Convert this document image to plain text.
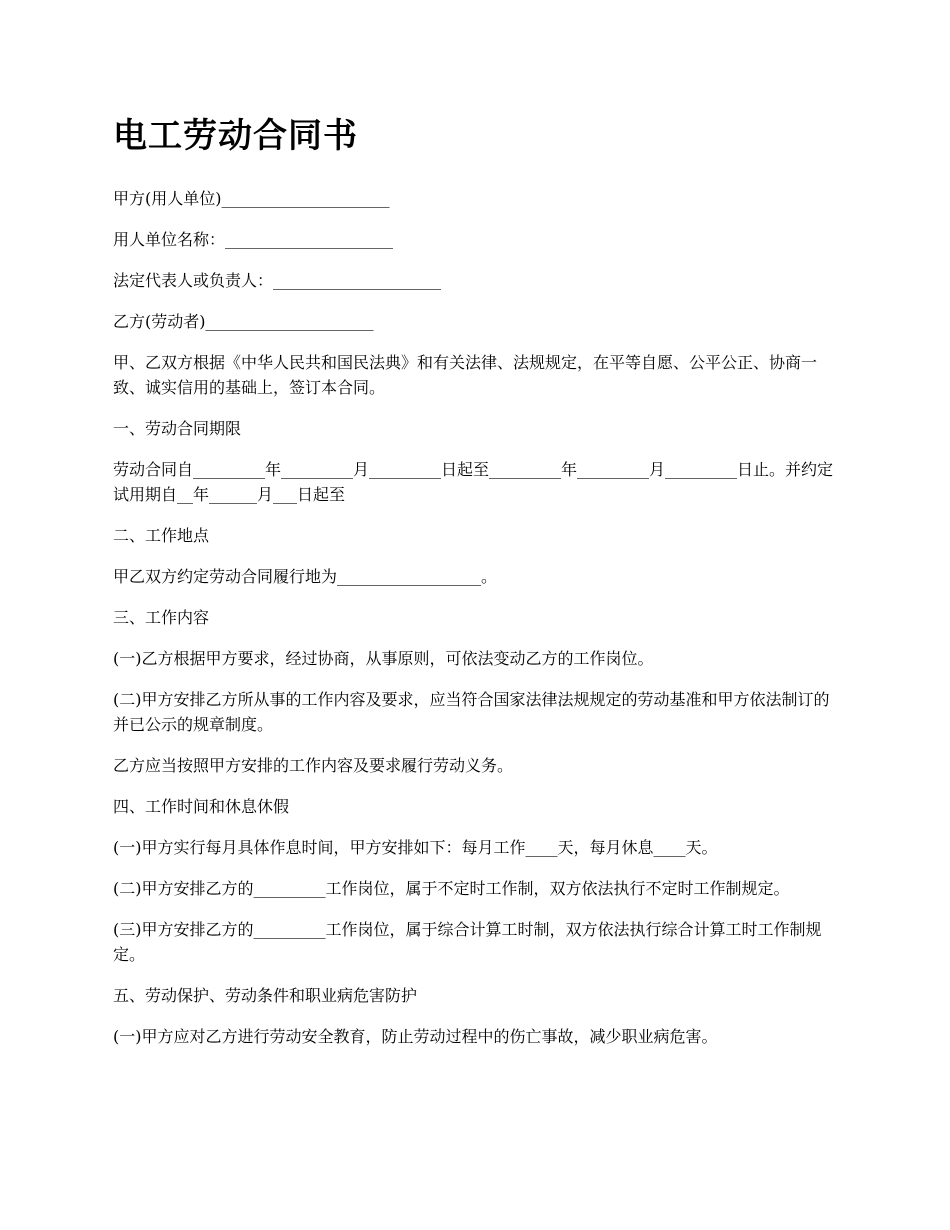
电工劳动合同书

甲方(用人单位)_____________________

用人单位名称：_____________________

法定代表人或负责人：_____________________

乙方(劳动者)_____________________

甲、乙双方根据《中华人民共和国民法典》和有关法律、法规规定，在平等自愿、公平公正、协商一致、诚实信用的基础上，签订本合同。

一、劳动合同期限

劳动合同自_________年_________月_________日起至_________年_________月_________日止。并约定试用期自__年______月___日起至

二、工作地点

甲乙双方约定劳动合同履行地为__________________。

三、工作内容

(一)乙方根据甲方要求，经过协商，从事原则，可依法变动乙方的工作岗位。

(二)甲方安排乙方所从事的工作内容及要求，应当符合国家法律法规规定的劳动基准和甲方依法制订的并已公示的规章制度。

乙方应当按照甲方安排的工作内容及要求履行劳动义务。

四、工作时间和休息休假

(一)甲方实行每月具体作息时间，甲方安排如下：每月工作____天，每月休息____天。

(二)甲方安排乙方的_________工作岗位，属于不定时工作制，双方依法执行不定时工作制规定。

(三)甲方安排乙方的_________工作岗位，属于综合计算工时制，双方依法执行综合计算工时工作制规定。

五、劳动保护、劳动条件和职业病危害防护

(一)甲方应对乙方进行劳动安全教育，防止劳动过程中的伤亡事故，减少职业病危害。
